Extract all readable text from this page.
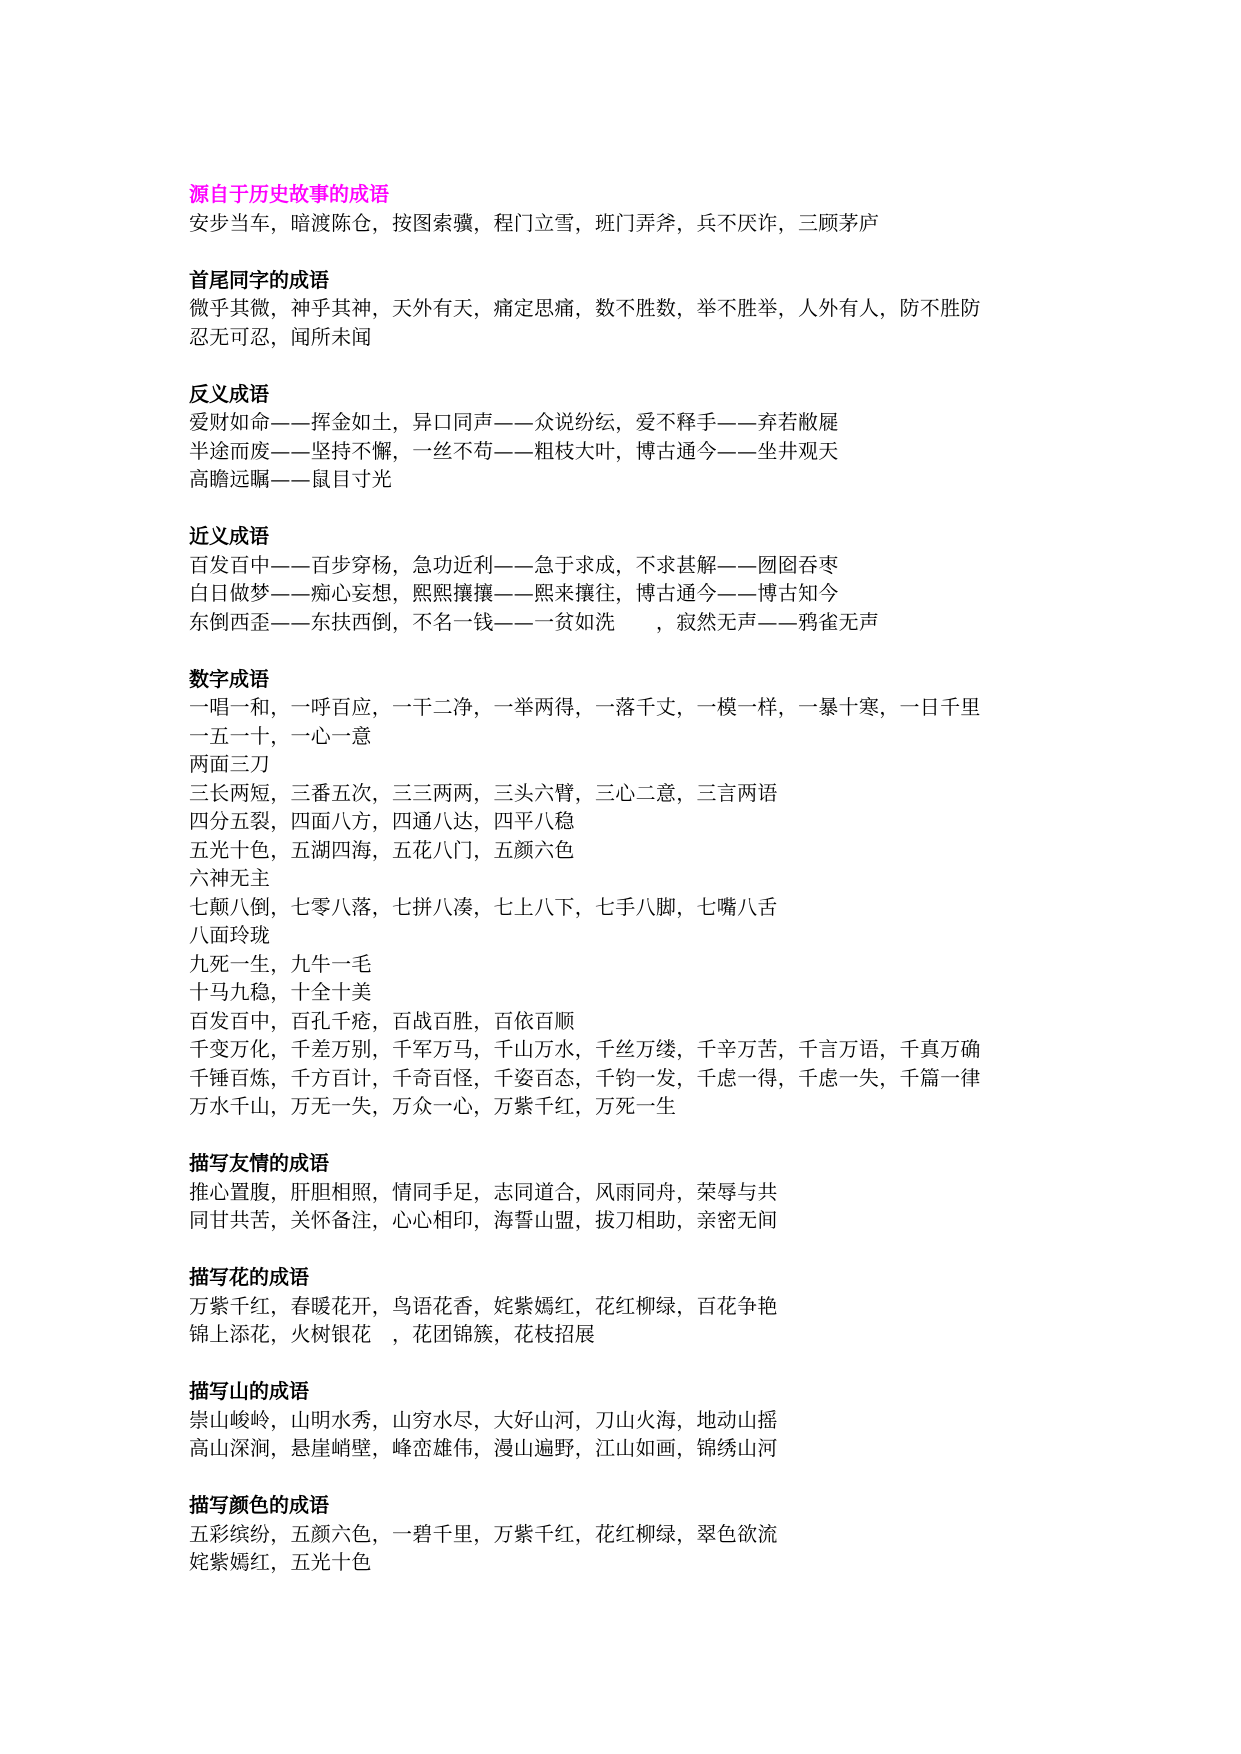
源自于历史故事的成语
安步当车，暗渡陈仓，按图索骥，程门立雪，班门弄斧，兵不厌诈，三顾茅庐
首尾同字的成语
微乎其微，神乎其神，天外有天，痛定思痛，数不胜数，举不胜举，人外有人，防不胜防
忍无可忍，闻所未闻
反义成语
爱财如命——挥金如土，异口同声——众说纷纭，爱不释手——弃若敝屣
半途而废——坚持不懈，一丝不苟——粗枝大叶，博古通今——坐井观天
高瞻远瞩——鼠目寸光
近义成语
百发百中——百步穿杨，急功近利——急于求成，不求甚解——囫囵吞枣
白日做梦——痴心妄想，熙熙攘攘——熙来攘往，博古通今——博古知今
东倒西歪——东扶西倒，不名一钱——一贫如洗　　，寂然无声——鸦雀无声
数字成语
一唱一和，一呼百应，一干二净，一举两得，一落千丈，一模一样，一暴十寒，一日千里
一五一十，一心一意
两面三刀
三长两短，三番五次，三三两两，三头六臂，三心二意，三言两语
四分五裂，四面八方，四通八达，四平八稳
五光十色，五湖四海，五花八门，五颜六色
六神无主
七颠八倒，七零八落，七拼八凑，七上八下，七手八脚，七嘴八舌
八面玲珑
九死一生，九牛一毛
十马九稳，十全十美
百发百中，百孔千疮，百战百胜，百依百顺
千变万化，千差万别，千军万马，千山万水，千丝万缕，千辛万苦，千言万语，千真万确
千锤百炼，千方百计，千奇百怪，千姿百态，千钧一发，千虑一得，千虑一失，千篇一律
万水千山，万无一失，万众一心，万紫千红，万死一生
描写友情的成语
推心置腹，肝胆相照，情同手足，志同道合，风雨同舟，荣辱与共
同甘共苦，关怀备注，心心相印，海誓山盟，拔刀相助，亲密无间
描写花的成语
万紫千红，春暖花开，鸟语花香，姹紫嫣红，花红柳绿，百花争艳
锦上添花，火树银花　，花团锦簇，花枝招展
描写山的成语
崇山峻岭，山明水秀，山穷水尽，大好山河，刀山火海，地动山摇
高山深涧，悬崖峭壁，峰峦雄伟，漫山遍野，江山如画，锦绣山河
描写颜色的成语
五彩缤纷，五颜六色，一碧千里，万紫千红，花红柳绿，翠色欲流
姹紫嫣红，五光十色
